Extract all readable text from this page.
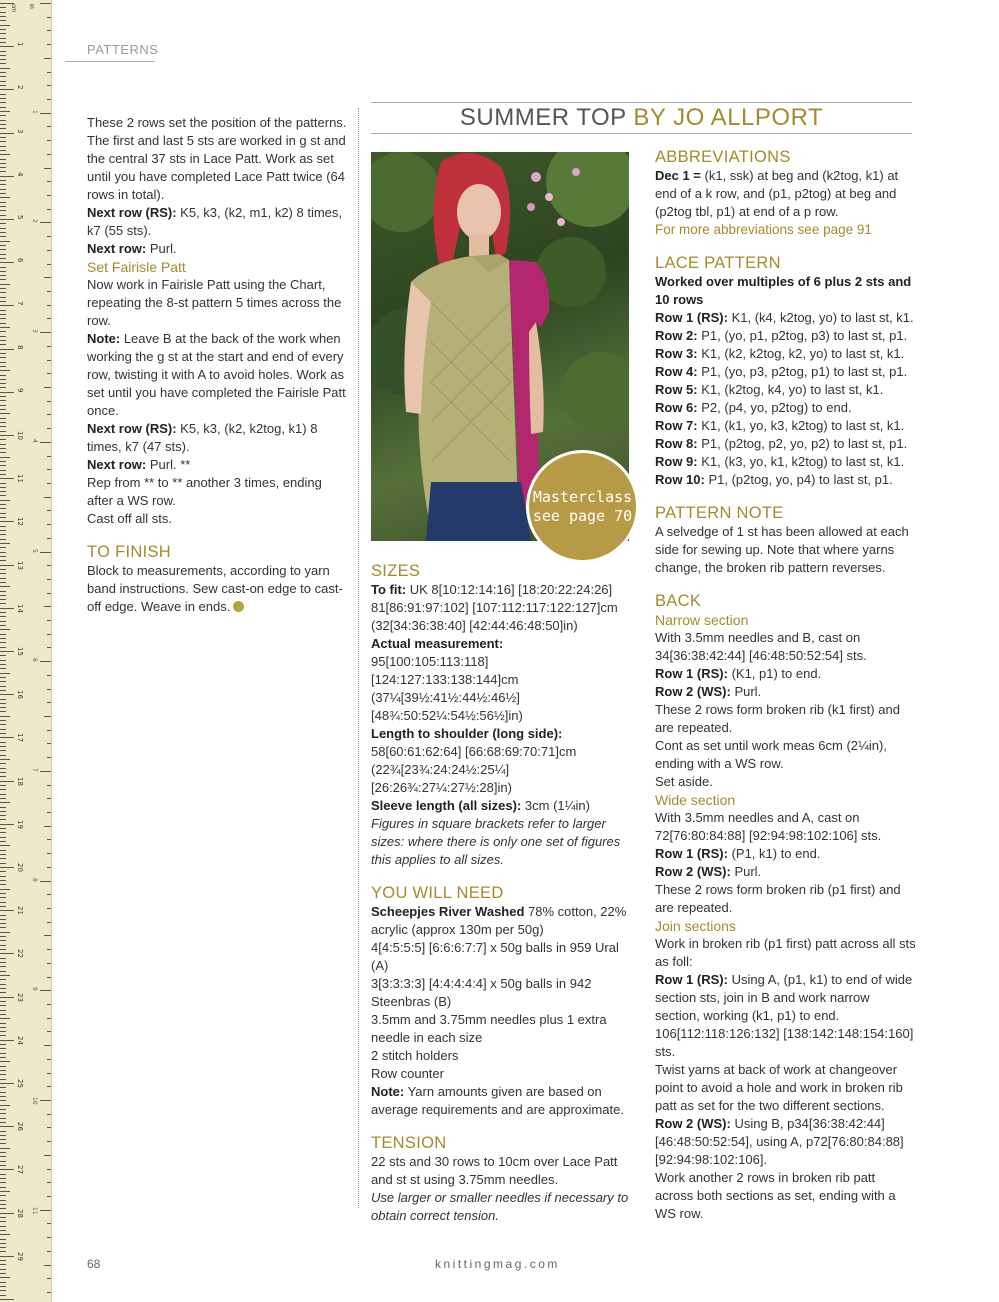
cm in
1
2
3
4
5
6
7
8
9
10
11
12
13
14
15
16
17
18
19
20
21
22
23
24
25
26
27
28
29
1
2
3
4
5
6
7
8
9
10
11
PATTERNS
SUMMER TOP BY JO ALLPORT
Masterclass
see page 70

These 2 rows set the position of the patterns. The first and last 5 sts are worked in g st and the central 37 sts in Lace Patt. Work as set until you have completed Lace Patt twice (64 rows in total).

Next row (RS): K5, k3, (k2, m1, k2) 8 times, k7 (55 sts).

Next row: Purl.

Set Fairisle Patt

Now work in Fairisle Patt using the Chart, repeating the 8-st pattern 5 times across the row.

Note: Leave B at the back of the work when working the g st at the start and end of every row, twisting it with A to avoid holes. Work as set until you have completed the Fairisle Patt once.

Next row (RS): K5, k3, (k2, k2tog, k1) 8 times, k7 (47 sts).

Next row: Purl. **

Rep from ** to ** another 3 times, ending after a WS row.

Cast off all sts.

TO FINISH

Block to measurements, according to yarn band instructions. Sew cast-on edge to cast-off edge. Weave in ends.

SIZES

To fit: UK 8[10:12:14:16] [18:20:22:24:26] 81[86:91:97:102] [107:112:117:122:127]cm (32[34:36:38:40] [42:44:46:48:50]in)

Actual measurement:

95[100:105:113:118] [124:127:133:138:144]cm (37¼[39½:41½:44½:46½] [48¾:50:52¼:54½:56½]in)

Length to shoulder (long side):

58[60:61:62:64] [66:68:69:70:71]cm (22¾[23¾:24:24½:25¼] [26:26¾:27¼:27½:28]in)

Sleeve length (all sizes): 3cm (1¼in)

Figures in square brackets refer to larger sizes: where there is only one set of figures this applies to all sizes.

YOU WILL NEED

Scheepjes River Washed 78% cotton, 22% acrylic (approx 130m per 50g)

4[4:5:5:5] [6:6:6:7:7] x 50g balls in 959 Ural (A)

3[3:3:3:3] [4:4:4:4:4] x 50g balls in 942 Steenbras (B)

3.5mm and 3.75mm needles plus 1 extra needle in each size

2 stitch holders

Row counter

Note: Yarn amounts given are based on average requirements and are approximate.

TENSION

22 sts and 30 rows to 10cm over Lace Patt and st st using 3.75mm needles.

Use larger or smaller needles if necessary to obtain correct tension.

ABBREVIATIONS

Dec 1 = (k1, ssk) at beg and (k2tog, k1) at end of a k row, and (p1, p2tog) at beg and (p2tog tbl, p1) at end of a p row.

For more abbreviations see page 91

LACE PATTERN

Worked over multiples of 6 plus 2 sts and 10 rows

Row 1 (RS): K1, (k4, k2tog, yo) to last st, k1.

Row 2: P1, (yo, p1, p2tog, p3) to last st, p1.

Row 3: K1, (k2, k2tog, k2, yo) to last st, k1.

Row 4: P1, (yo, p3, p2tog, p1) to last st, p1.

Row 5: K1, (k2tog, k4, yo) to last st, k1.

Row 6: P2, (p4, yo, p2tog) to end.

Row 7: K1, (k1, yo, k3, k2tog) to last st, k1.

Row 8: P1, (p2tog, p2, yo, p2) to last st, p1.

Row 9: K1, (k3, yo, k1, k2tog) to last st, k1.

Row 10: P1, (p2tog, yo, p4) to last st, p1.

PATTERN NOTE

A selvedge of 1 st has been allowed at each side for sewing up. Note that where yarns change, the broken rib pattern reverses.

BACK
Narrow section

With 3.5mm needles and B, cast on 34[36:38:42:44] [46:48:50:52:54] sts.

Row 1 (RS): (K1, p1) to end.

Row 2 (WS): Purl.

These 2 rows form broken rib (k1 first) and are repeated.

Cont as set until work meas 6cm (2¼in), ending with a WS row.

Set aside.

Wide section

With 3.5mm needles and A, cast on 72[76:80:84:88] [92:94:98:102:106] sts.

Row 1 (RS): (P1, k1) to end.

Row 2 (WS): Purl.

These 2 rows form broken rib (p1 first) and are repeated.

Join sections

Work in broken rib (p1 first) patt across all sts as foll:

Row 1 (RS): Using A, (p1, k1) to end of wide section sts, join in B and work narrow section, working (k1, p1) to end. 106[112:118:126:132] [138:142:148:154:160] sts.

Twist yarns at back of work at changeover point to avoid a hole and work in broken rib patt as set for the two different sections.

Row 2 (WS): Using B, p34[36:38:42:44] [46:48:50:52:54], using A, p72[76:80:84:88] [92:94:98:102:106].

Work another 2 rows in broken rib patt across both sections as set, ending with a WS row.

68	knittingmag.com
